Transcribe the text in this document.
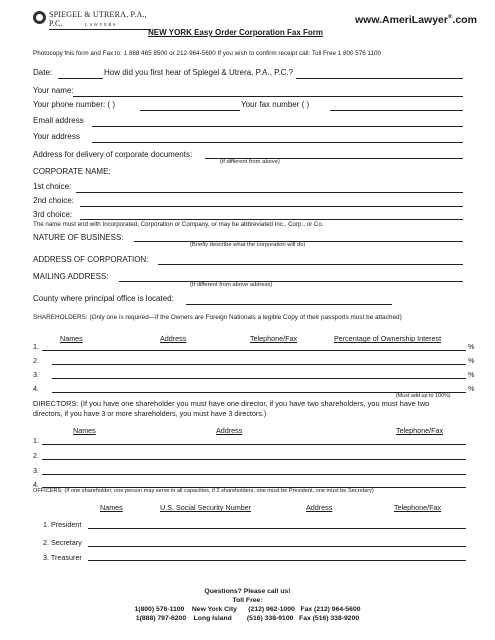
SPIEGEL & UTRERA, P.A., P.C.	LAWYERS	www.AmeriLawyer®.com
NEW YORK Easy Order Corporation Fax Form
Photocopy this form and Fax to: 1 888 465 8500 or 212-964-5600 If you wish to confirm receipt call: Toll Free 1 800 576 1100
Date:	How did you first hear of Spiegel & Utrera, P.A., P.C.?
Your name:
Your phone number: ( )	Your fax number ( )
Email address
Your address
Address for delivery of corporate documents:
(if different from above)
CORPORATE NAME:
1st choice:
2nd choice:
3rd choice:
The name must end with Incorporated, Corporation or Company, or may be abbreviated Inc., Corp., or Co.
NATURE OF BUSINESS:
(Briefly describe what the corporation will do)
ADDRESS OF CORPORATION:
MAILING ADDRESS:
(If different from above address)
County where principal office is located:
SHAREHOLDERS: (Only one is required—if the Owners are Foreign Nationals a legible Copy of their passports must be attached)
Names	Address	Telephone/Fax	Percentage of Ownership Interest
1.	%
2.	%
3.	%
4.	%
(Must add up to 100%)
DIRECTORS: (If you have one shareholder you must have one director, if you have two shareholders, you must have two
directors, if you have 3 or more shareholders, you must have 3 directors.)
Names	Address	Telephone/Fax
1.
2.
3.
4.
OFFICERS: (If one shareholder, one person may serve in all capacities, if 2 shareholders, one must be President, one must be Secretary)
Names	U.S. Social Security Number	Address	Telephone/Fax
1. President
2. Secretary
3. Treasurer
Questions? Please call us!
Toll Free:
1(800) 576-1100    New York City      (212) 962-1000   Fax (212) 964-5600
1(888) 797-6200    Long Island        (516) 338-9100   Fax (516) 338-9200
